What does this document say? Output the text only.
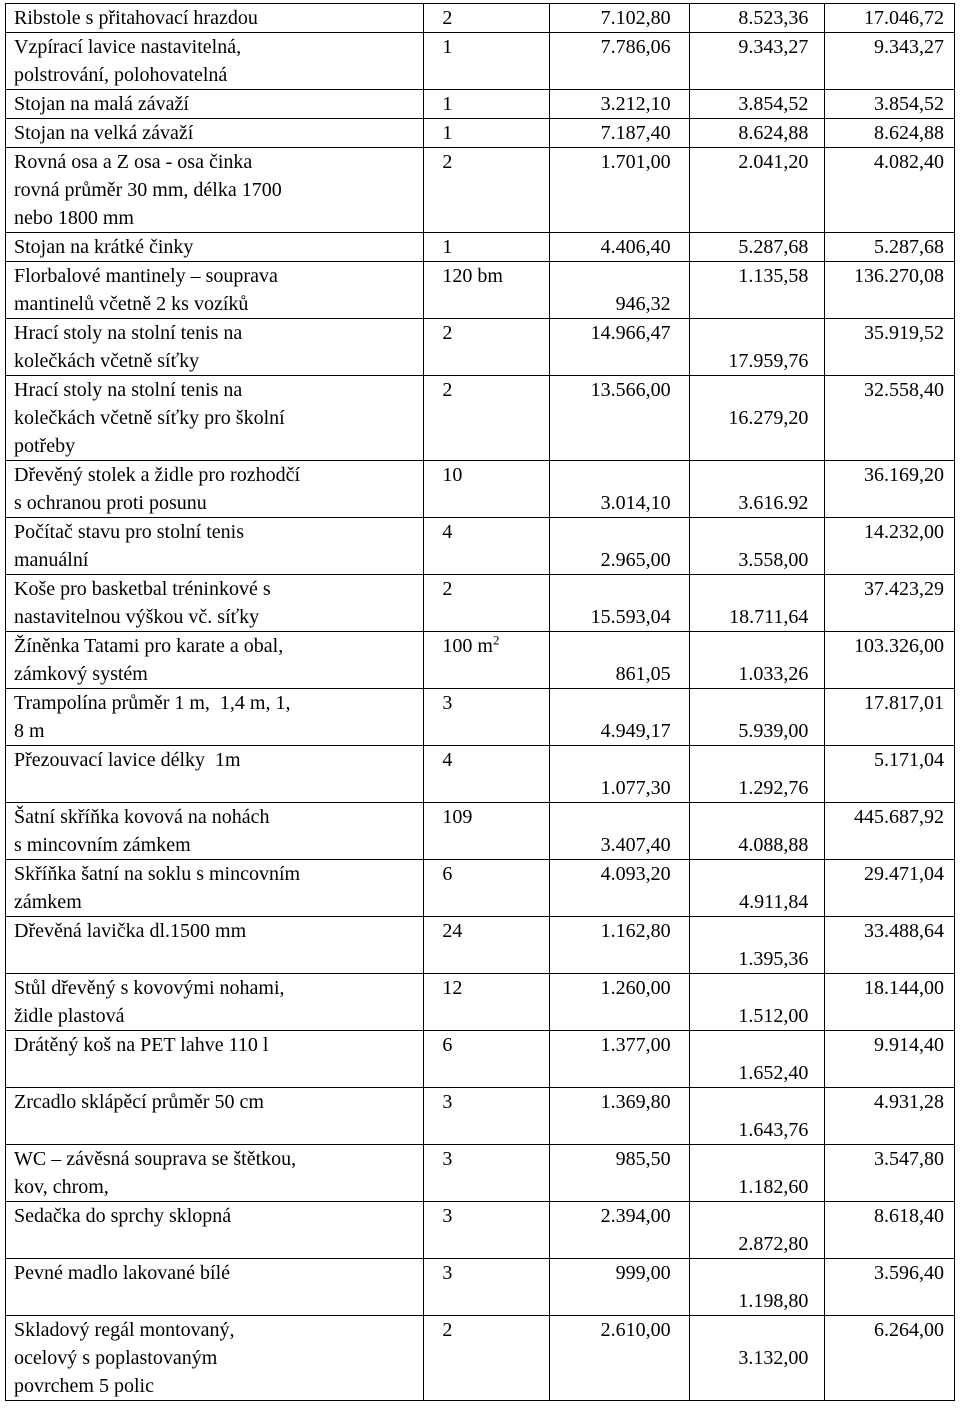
Ribstole s přitahovací hrazdou	2	7.102,80	8.523,36	17.046,72

Vzpírací lavice nastavitelná,
polstrování, polohovatelná	1	7.786,06	9.343,27	9.343,27

Stojan na malá závaží	1	3.212,10	3.854,52	3.854,52

Stojan na velká závaží	1	7.187,40	8.624,88	8.624,88

Rovná osa a Z osa - osa činka
rovná průměr 30 mm, délka 1700
nebo 1800 mm	2	1.701,00	2.041,20	4.082,40

Stojan na krátké činky	1	4.406,40	5.287,68	5.287,68

Florbalové mantinely – souprava
mantinelů včetně 2 ks vozíků	120 bm	946,32	1.135,58	136.270,08

Hrací stoly na stolní tenis na
kolečkách včetně síťky	2	14.966,47	17.959,76	35.919,52

Hrací stoly na stolní tenis na
kolečkách včetně síťky pro školní
potřeby	2	13.566,00	16.279,20	32.558,40

Dřevěný stolek a židle pro rozhodčí
s ochranou proti posunu	10	3.014,10	3.616.92	36.169,20

Počítač stavu pro stolní tenis
manuální	4	2.965,00	3.558,00	14.232,00

Koše pro basketbal tréninkové s
nastavitelnou výškou vč. síťky	2	15.593,04	18.711,64	37.423,29

Žíněnka Tatami pro karate a obal,
zámkový systém	100 $m^2$	861,05	1.033,26	103.326,00

Trampolína průměr 1 m,  1,4 m, 1,
8 m	3	4.949,17	5.939,00	17.817,01

Přezouvací lavice délky  1m	4	1.077,30	1.292,76	5.171,04

Šatní skříňka kovová na nohách
s mincovním zámkem	109	3.407,40	4.088,88	445.687,92

Skříňka šatní na soklu s mincovním
zámkem	6	4.093,20	4.911,84	29.471,04

Dřevěná lavička dl.1500 mm	24	1.162,80	1.395,36	33.488,64

Stůl dřevěný s kovovými nohami,
židle plastová	12	1.260,00	1.512,00	18.144,00

Drátěný koš na PET lahve 110 l	6	1.377,00	1.652,40	9.914,40

Zrcadlo sklápěcí průměr 50 cm	3	1.369,80	1.643,76	4.931,28

WC – závěsná souprava se štětkou,
kov, chrom,	3	985,50	1.182,60	3.547,80

Sedačka do sprchy sklopná	3	2.394,00	2.872,80	8.618,40

Pevné madlo lakované bílé	3	999,00	1.198,80	3.596,40

Skladový regál montovaný,
ocelový s poplastovaným
povrchem 5 polic	2	2.610,00	3.132,00	6.264,00
